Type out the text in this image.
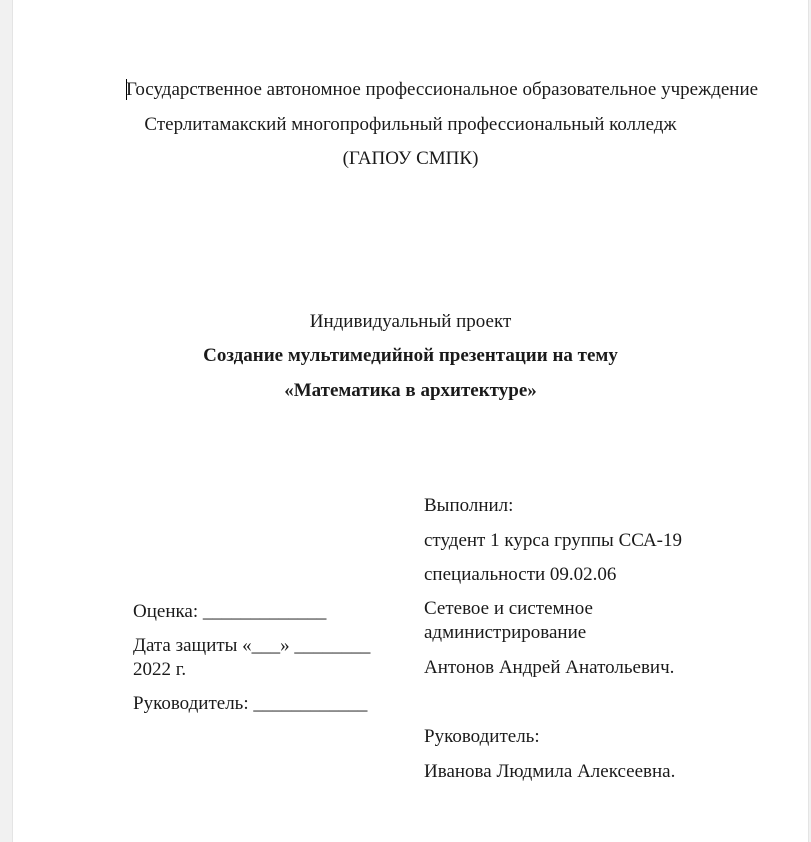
Государственное автономное профессиональное образовательное учреждение
Стерлитамакский многопрофильный профессиональный колледж
(ГАПОУ СМПК)
Индивидуальный проект
Создание мультимедийной презентации на тему
«Математика в архитектуре»
Выполнил:
студент 1 курса группы ССА-19
специальности 09.02.06
Сетевое и системное
администрирование
Антонов Андрей Анатольевич.
Руководитель:
Иванова Людмила Алексеевна.
Оценка: _____________
Дата защиты «___» ________
2022 г.
Руководитель: ____________
